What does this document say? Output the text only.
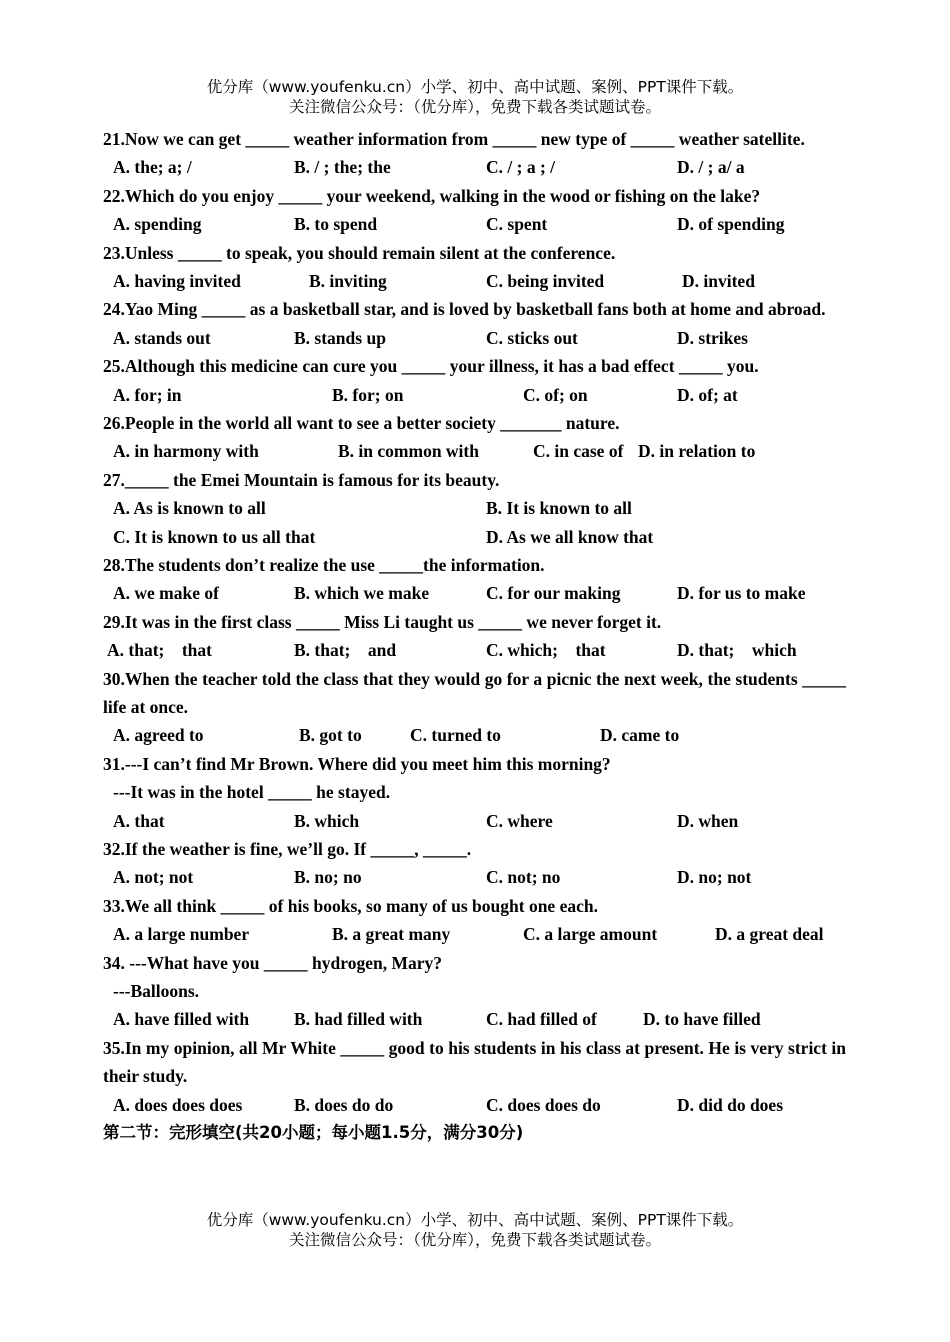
优分库（www.youfenku.cn）小学、初中、高中试题、案例、PPT课件下载。
关注微信公众号：（优分库），免费下载各类试题试卷。
21.Now we can get _____ weather information from _____ new type of _____ weather satellite.
A. the; a; /	B. / ; the; the	C. / ; a ; /	D. / ; a/ a
22.Which do you enjoy _____ your weekend, walking in the wood or fishing on the lake?
A. spending	B. to spend	C. spent	D. of spending
23.Unless _____ to speak, you should remain silent at the conference.
A. having invited	B. inviting	C. being invited	D. invited
24.Yao Ming _____ as a basketball star, and is loved by basketball fans both at home and abroad.
A. stands out	B. stands up	C. sticks out	D. strikes
25.Although this medicine can cure you _____ your illness, it has a bad effect _____ you.
A. for; in	B. for; on	C. of; on	D. of; at
26.People in the world all want to see a better society _______ nature.
A. in harmony with	B. in common with	C. in case of D. in relation to
27._____ the Emei Mountain is famous for its beauty.
A. As is known to all	B. It is known to all
C. It is known to us all that	D. As we all know that
28.The students don’t realize the use _____the information.
A. we make of	B. which we make	C. for our making	D. for us to make
29.It was in the first class _____ Miss Li taught us _____ we never forget it.
A. that;    that	B. that;    and	C. which;    that	D. that;    which
30.When the teacher told the class that they would go for a picnic the next week, the students _____ life at once.
A. agreed to	B. got to	C. turned to	D. came to
31.---I can’t find Mr Brown. Where did you meet him this morning?
---It was in the hotel _____ he stayed.
A. that	B. which	C. where	D. when
32.If the weather is fine, we’ll go. If _____, _____.
A. not; not	B. no; no	C. not; no	D. no; not
33.We all think _____ of his books, so many of us bought one each.
A. a large number	B. a great many	C. a large amount	D. a great deal
34. ---What have you _____ hydrogen, Mary?
---Balloons.
A. have filled with	B. had filled with	C. had filled of	D. to have filled
35.In my opinion, all Mr White _____ good to his students in his class at present. He is very strict in their study.
A. does does does	B. does do do	C. does does do	D. did do does
第二节：完形填空(共20小题；每小题1.5分，满分30分)
优分库（www.youfenku.cn）小学、初中、高中试题、案例、PPT课件下载。
关注微信公众号：（优分库），免费下载各类试题试卷。
